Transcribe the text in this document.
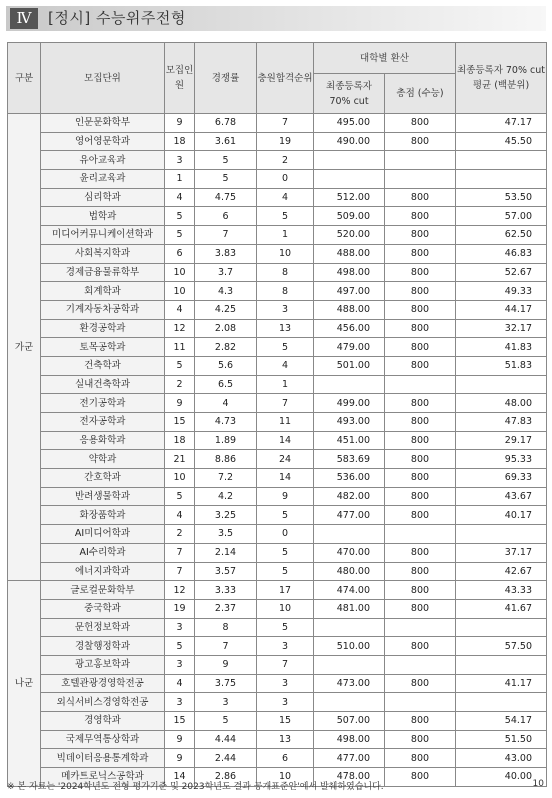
Ⅳ	[정시] 수능위주전형
구분	모집단위	모집인원	경쟁률	충원합격순위	대학별 환산		최종등록자 70% cut 평균 (백분위)
					최종등록자 70% cut	총점 (수능)	
가군	인문문화학부	9	6.78	7	495.00	800	47.17
	영어영문학과	18	3.61	19	490.00	800	45.50
	유아교육과	3	5	2			
	윤리교육과	1	5	0			
	심리학과	4	4.75	4	512.00	800	53.50
	법학과	5	6	5	509.00	800	57.00
	미디어커뮤니케이션학과	5	7	1	520.00	800	62.50
	사회복지학과	6	3.83	10	488.00	800	46.83
	경제금융물류학부	10	3.7	8	498.00	800	52.67
	회계학과	10	4.3	8	497.00	800	49.33
	기계자동차공학과	4	4.25	3	488.00	800	44.17
	환경공학과	12	2.08	13	456.00	800	32.17
	토목공학과	11	2.82	5	479.00	800	41.83
	건축학과	5	5.6	4	501.00	800	51.83
	실내건축학과	2	6.5	1			
	전기공학과	9	4	7	499.00	800	48.00
	전자공학과	15	4.73	11	493.00	800	47.83
	응용화학과	18	1.89	14	451.00	800	29.17
	약학과	21	8.86	24	583.69	800	95.33
	간호학과	10	7.2	14	536.00	800	69.33
	반려생물학과	5	4.2	9	482.00	800	43.67
	화장품학과	4	3.25	5	477.00	800	40.17
	AI미디어학과	2	3.5	0			
	AI수리학과	7	2.14	5	470.00	800	37.17
	에너지과학과	7	3.57	5	480.00	800	42.67
나군	글로컬문화학부	12	3.33	17	474.00	800	43.33
	중국학과	19	2.37	10	481.00	800	41.67
	문헌정보학과	3	8	5			
	경찰행정학과	5	7	3	510.00	800	57.50
	광고홍보학과	3	9	7			
	호텔관광경영학전공	4	3.75	3	473.00	800	41.17
	외식서비스경영학전공	3	3	3			
	경영학과	15	5	15	507.00	800	54.17
	국제무역통상학과	9	4.44	13	498.00	800	51.50
	빅데이터응용통계학과	9	2.44	6	477.00	800	43.00
	메카트로닉스공학과	14	2.86	10	478.00	800	40.00
※ 본 자료는 '2024학년도 전형 평가기준 및 2023학년도 결과 공개표준안'에서 발췌하였습니다.	10
